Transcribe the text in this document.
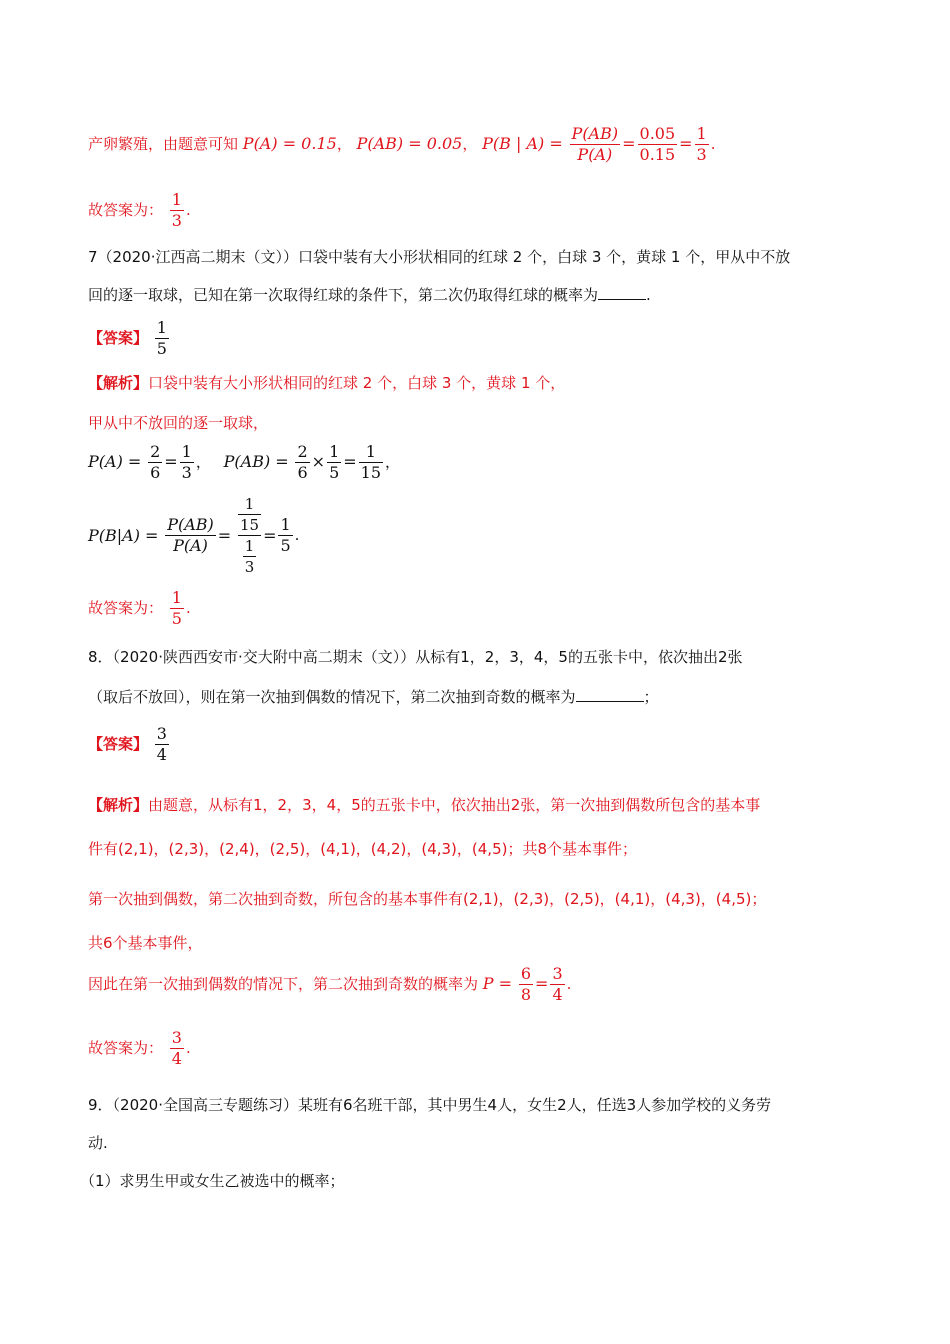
产卵繁殖，由题意可知 P(A) = 0.15， P(AB) = 0.05， P(B | $A) = \frac{P(AB)}{P(A)} = \frac{0.05}{0.15} = \frac{1}{3}$ .
故答案为： $\frac{1}{3}$ .
7（2020·江西高二期末（文））口袋中装有大小形状相同的红球 2 个，白球 3 个，黄球 1 个，甲从中不放
回的逐一取球，已知在第一次取得红球的条件下，第二次仍取得红球的概率为	.
【答案】 $\frac{1}{5}$
【解析】口袋中装有大小形状相同的红球 2 个，白球 3 个，黄球 1 个，
甲从中不放回的逐一取球，
$P(A) = \frac{2}{6} = \frac{1}{3}$ ， $P(AB) = \frac{2}{6} \times \frac{1}{5} = \frac{1}{15}$ ，
$P(B|A) = \frac{P(AB)}{P(A)} = \frac{\frac{1}{15}}{\frac{1}{3}} = \frac{1}{5}$ .
故答案为： $\frac{1}{5}$ .
8．（2020·陕西西安市·交大附中高二期末（文））从标有1，2，3，4，5的五张卡中，依次抽出2张
（取后不放回），则在第一次抽到偶数的情况下，第二次抽到奇数的概率为	；
【答案】 $\frac{3}{4}$
【解析】由题意，从标有1，2，3，4，5的五张卡中，依次抽出2张，第一次抽到偶数所包含的基本事
件有(2,1)，(2,3)，(2,4)，(2,5)，(4,1)，(4,2)，(4,3)，(4,5)；共8个基本事件；
第一次抽到偶数，第二次抽到奇数，所包含的基本事件有(2,1)，(2,3)，(2,5)，(4,1)，(4,3)，(4,5)；
共6个基本事件，
因此在第一次抽到偶数的情况下，第二次抽到奇数的概率为 $P = \frac{6}{8} = \frac{3}{4}$ .
故答案为： $\frac{3}{4}$ .
9．（2020·全国高三专题练习）某班有6名班干部，其中男生4人，女生2人，任选3人参加学校的义务劳
动.
（1）求男生甲或女生乙被选中的概率；
